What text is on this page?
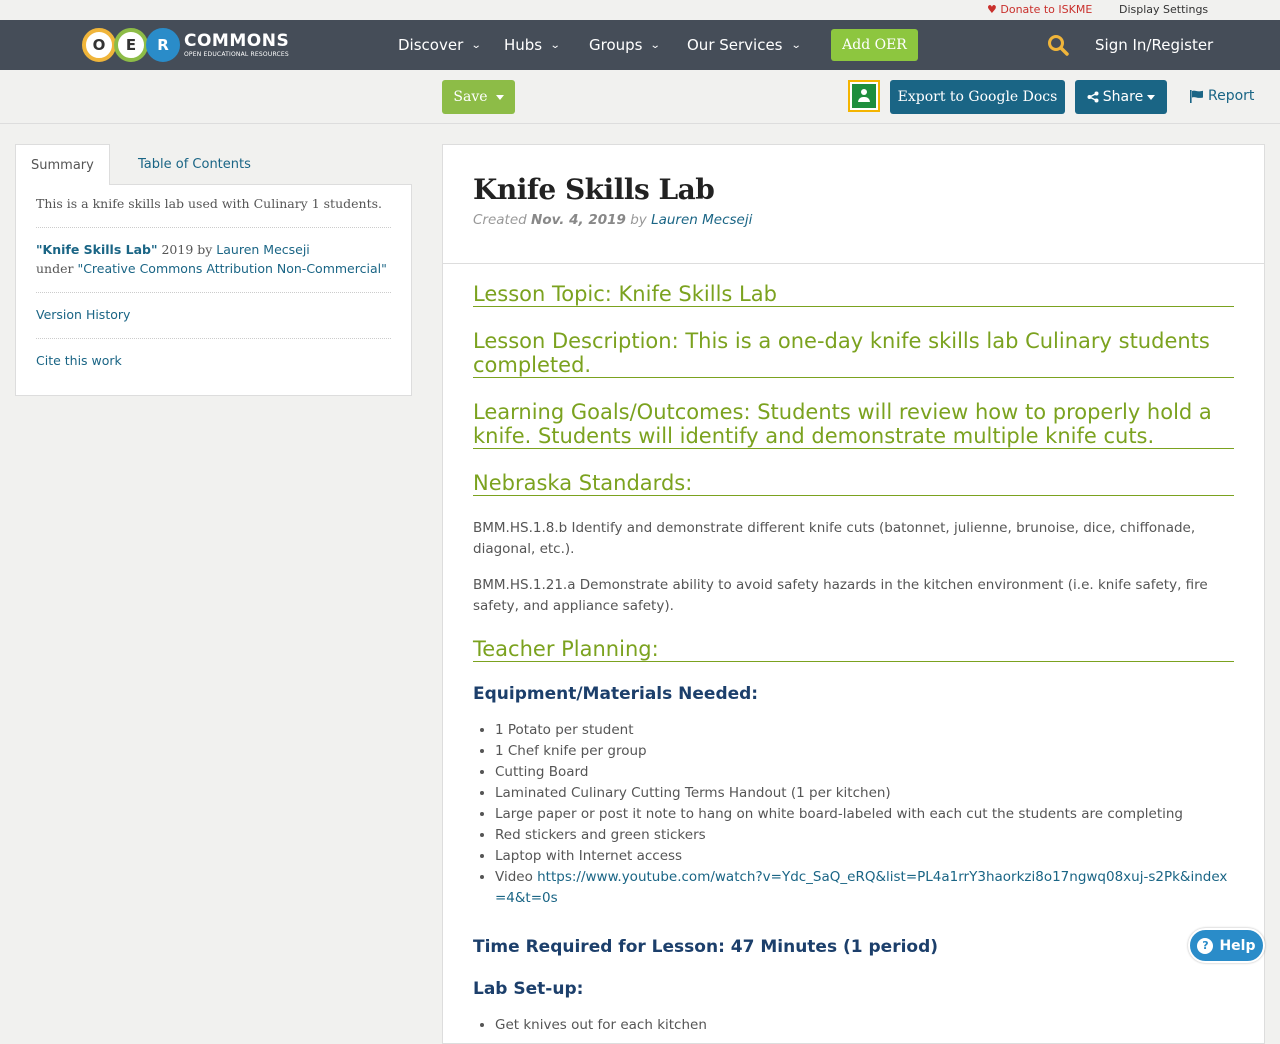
♥ Donate to ISKME Display Settings
O	E	R COMMONS
OPEN EDUCATIONAL RESOURCES	Discover ⌄ Hubs ⌄ Groups ⌄ Our Services ⌄	Add OER	Sign In/Register
Save	Export to Google Docs	Share	Report
Summary	Table of Contents
This is a knife skills lab used with Culinary 1 students.
"Knife Skills Lab" 2019 by Lauren Mecseji
under "Creative Commons Attribution Non-Commercial"
Version History
Cite this work
Knife Skills Lab
Created Nov. 4, 2019 by Lauren Mecseji
Lesson Topic: Knife Skills Lab
Lesson Description: This is a one-day knife skills lab Culinary students completed.
Learning Goals/Outcomes: Students will review how to properly hold a knife. Students will identify and demonstrate multiple knife cuts.
Nebraska Standards:

BMM.HS.1.8.b Identify and demonstrate different knife cuts (batonnet, julienne, brunoise, dice, chiffonade, diagonal, etc.).

BMM.HS.1.21.a Demonstrate ability to avoid safety hazards in the kitchen environment (i.e. knife safety, fire safety, and appliance safety).

Teacher Planning:
Equipment/Materials Needed:
• 1 Potato per student
• 1 Chef knife per group
• Cutting Board
• Laminated Culinary Cutting Terms Handout (1 per kitchen)
• Large paper or post it note to hang on white board-labeled with each cut the students are completing
• Red stickers and green stickers
• Laptop with Internet access
• Video https://www.youtube.com/watch?v=Ydc_SaQ_eRQ&list=PL4a1rrY3haorkzi8o17ngwq08xuj-s2Pk&index=4&t=0s
Time Required for Lesson: 47 Minutes (1 period)
Lab Set-up:
• Get knives out for each kitchen
? Help
